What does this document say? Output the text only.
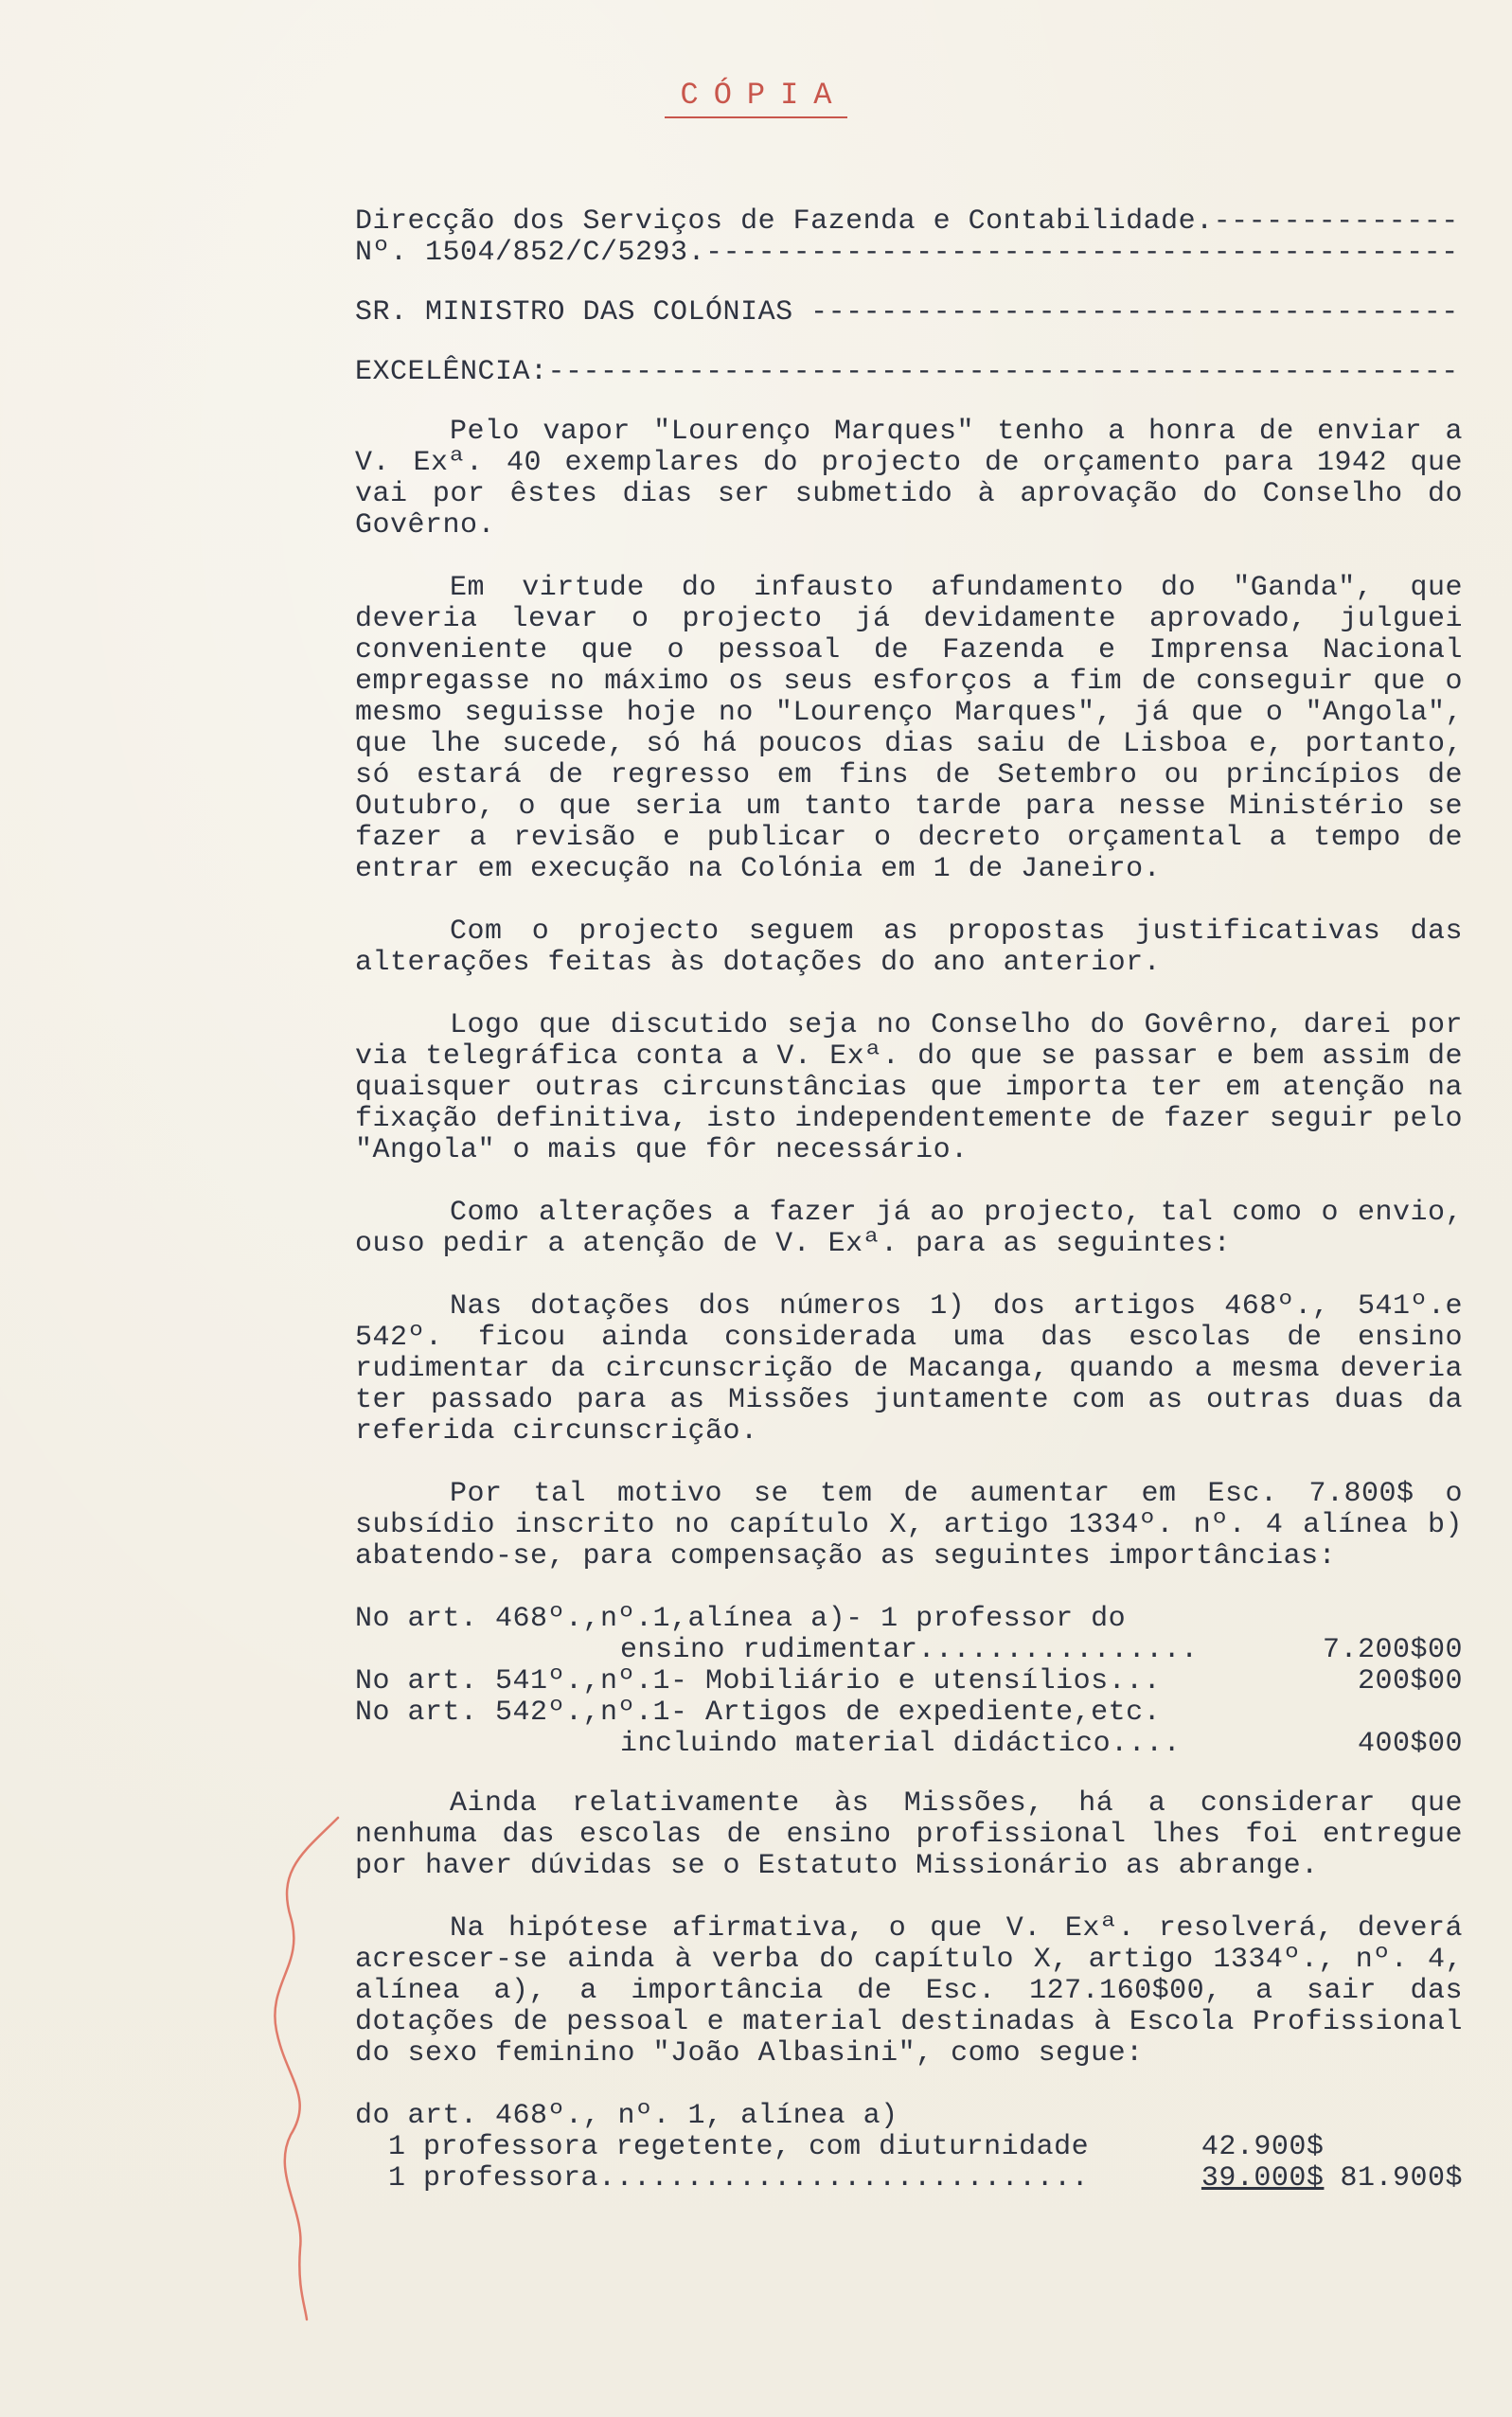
CÓPIA
Direcção dos Serviços de Fazenda e Contabilidade.
-----
Nº. 1504/852/C/5293.
-----
SR. MINISTRO DAS COLÓNIAS

-----
EXCELÊNCIA:
-----

Pelo vapor "Lourenço Marques" tenho a honra de enviar a V. Exª. 40 exemplares do projecto de orçamento para 1942 que vai por êstes dias ser submetido à aprovação do Conselho do Govêrno.

Em virtude do infausto afundamento do "Ganda", que deveria levar o projecto já devidamente aprovado, julguei conveniente que o pessoal de Fazenda e Imprensa Nacional empregasse no máximo os seus esforços a fim de conseguir que o mesmo seguisse hoje no "Lourenço Marques", já que o "Angola", que lhe sucede, só há poucos dias saiu de Lisboa e, portanto, só estará de regresso em fins de Setembro ou princípios de Outubro, o que seria um tanto tarde para nesse Ministério se fazer a revisão e publicar o decreto orçamental a tempo de entrar em execução na Colónia em 1 de Janeiro.

Com o projecto seguem as propostas justificativas das alterações feitas às dotações do ano anterior.

Logo que discutido seja no Conselho do Govêrno, darei por via telegráfica conta a V. Exª. do que se passar e bem assim de quaisquer outras circunstâncias que importa ter em atenção na fixação definitiva, isto independentemente de fazer seguir pelo "Angola" o mais que fôr necessário.

Como alterações a fazer já ao projecto, tal como o envio, ouso pedir a atenção de V. Exª. para as seguintes:

Nas dotações dos números 1) dos artigos 468º., 541º.e 542º. ficou ainda considerada uma das escolas de ensino rudimentar da circunscrição de Macanga, quando a mesma deveria ter passado para as Missões juntamente com as outras duas da referida circunscrição.

Por tal motivo se tem de aumentar em Esc. 7.800$ o subsídio inscrito no capítulo X, artigo 1334º. nº. 4 alínea b) abatendo-se, para compensação as seguintes importâncias:

No art. 468º.,nº.1,alínea a)- 1 professor do	
ensino rudimentar................	7.200$00
No art. 541º.,nº.1- Mobiliário e utensílios...	200$00
No art. 542º.,nº.1- Artigos de expediente,etc.	
incluindo material didáctico....	400$00

Ainda relativamente às Missões, há a considerar que nenhuma das escolas de ensino profissional lhes foi entregue por haver dúvidas se o Estatuto Missionário as abrange.

Na hipótese afirmativa, o que V. Exª. resolverá, deverá acrescer-se ainda à verba do capítulo X, artigo 1334º., nº. 4, alínea a), a importância de Esc. 127.160$00, a sair das dotações de pessoal e material destinadas à Escola Profissional do sexo feminino "João Albasini", como segue:

do art. 468º., nº. 1, alínea a)		
1 professora regetente, com diuturnidade	42.900$	
1 professora............................	39.000$	81.900$
